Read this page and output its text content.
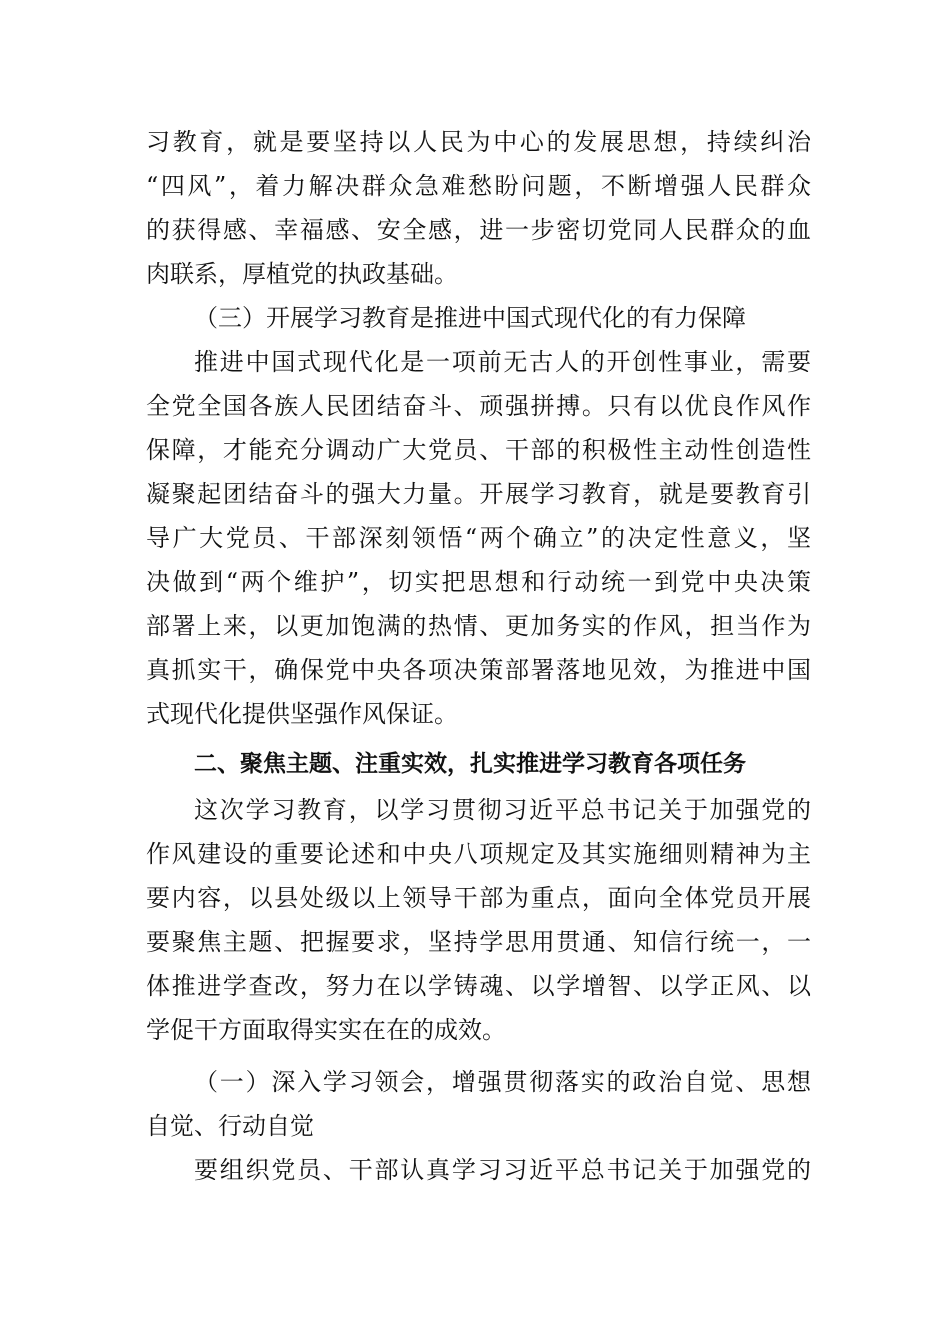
习教育，就是要坚持以人民为中心的发展思想，持续纠治
“四风”，着力解决群众急难愁盼问题，不断增强人民群众
的获得感、幸福感、安全感，进一步密切党同人民群众的血
肉联系，厚植党的执政基础。
（三）开展学习教育是推进中国式现代化的有力保障
推进中国式现代化是一项前无古人的开创性事业，需要
全党全国各族人民团结奋斗、顽强拼搏。只有以优良作风作
保障，才能充分调动广大党员、干部的积极性主动性创造性
凝聚起团结奋斗的强大力量。开展学习教育，就是要教育引
导广大党员、干部深刻领悟“两个确立”的决定性意义，坚
决做到“两个维护”，切实把思想和行动统一到党中央决策
部署上来，以更加饱满的热情、更加务实的作风，担当作为
真抓实干，确保党中央各项决策部署落地见效，为推进中国
式现代化提供坚强作风保证。
二、聚焦主题、注重实效，扎实推进学习教育各项任务
这次学习教育，以学习贯彻习近平总书记关于加强党的
作风建设的重要论述和中央八项规定及其实施细则精神为主
要内容，以县处级以上领导干部为重点，面向全体党员开展
要聚焦主题、把握要求，坚持学思用贯通、知信行统一，一
体推进学查改，努力在以学铸魂、以学增智、以学正风、以
学促干方面取得实实在在的成效。
（一）深入学习领会，增强贯彻落实的政治自觉、思想
自觉、行动自觉
要组织党员、干部认真学习习近平总书记关于加强党的
